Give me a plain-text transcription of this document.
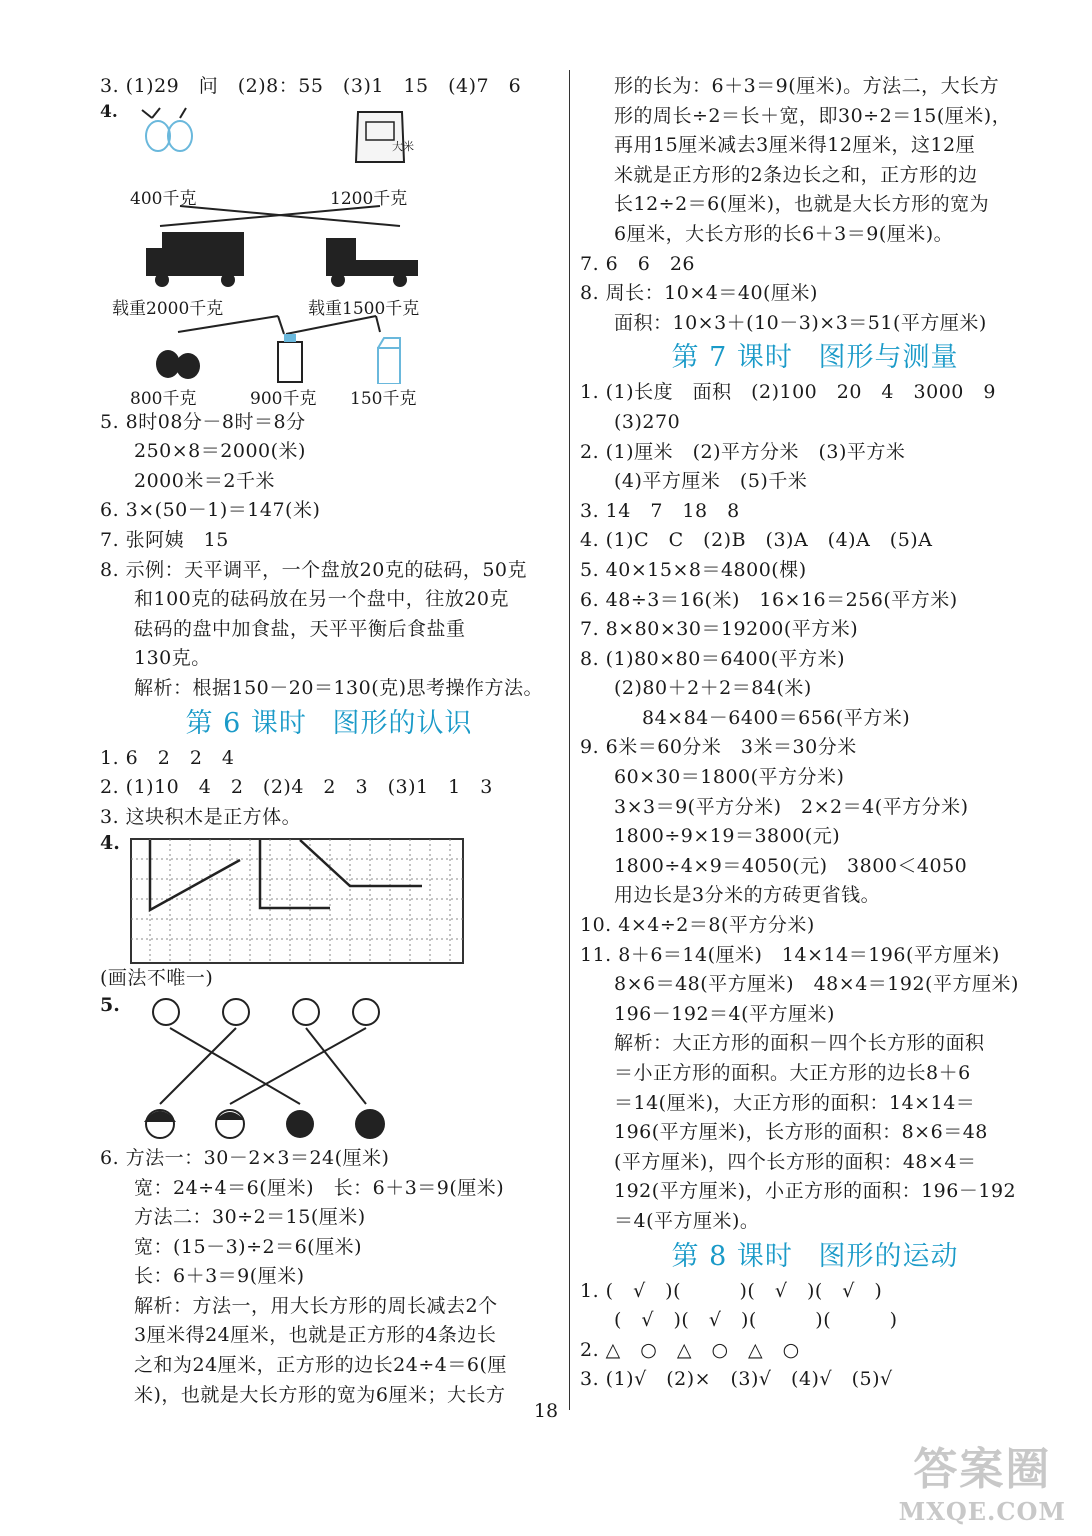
3. (1)29　问　(2)8：55　(3)1　15　(4)7　6
4.
大米
400千克	1200千克
载重2000千克	载重1500千克
800千克	900千克 150千克
5. 8时08分－8时＝8分
250×8＝2000(米)
2000米＝2千米
6. 3×(50－1)＝147(米)
7. 张阿姨　15
8. 示例：天平调平，一个盘放20克的砝码，50克
和100克的砝码放在另一个盘中，往放20克
砝码的盘中加食盐，天平平衡后食盐重
130克。
解析：根据150－20＝130(克)思考操作方法。
第 6 课时 图形的认识
1. 6　2　2　4
2. (1)10　4　2　(2)4　2　3　(3)1　1　3
3. 这块积木是正方体。
4.
(画法不唯一)
5.
6. 方法一：30－2×3＝24(厘米)
宽：24÷4＝6(厘米)　长：6＋3＝9(厘米)
方法二：30÷2＝15(厘米)
宽：(15－3)÷2＝6(厘米)
长：6＋3＝9(厘米)
解析：方法一，用大长方形的周长减去2个
3厘米得24厘米，也就是正方形的4条边长
之和为24厘米，正方形的边长24÷4＝6(厘
米)，也就是大长方形的宽为6厘米；大长方
形的长为：6＋3＝9(厘米)。方法二，大长方
形的周长÷2＝长＋宽，即30÷2＝15(厘米)，
再用15厘米减去3厘米得12厘米，这12厘
米就是正方形的2条边长之和，正方形的边
长12÷2＝6(厘米)，也就是大长方形的宽为
6厘米，大长方形的长6＋3＝9(厘米)。
7. 6　6　26
8. 周长：10×4＝40(厘米)
面积：10×3＋(10－3)×3＝51(平方厘米)
第 7 课时 图形与测量
1. (1)长度　面积　(2)100　20　4　3000　9
(3)270
2. (1)厘米　(2)平方分米　(3)平方米
(4)平方厘米　(5)千米
3. 14　7　18　8
4. (1)C　C　(2)B　(3)A　(4)A　(5)A
5. 40×15×8＝4800(棵)
6. 48÷3＝16(米)　16×16＝256(平方米)
7. 8×80×30＝19200(平方米)
8. (1)80×80＝6400(平方米)
(2)80＋2＋2＝84(米)
84×84－6400＝656(平方米)
9. 6米＝60分米　3米＝30分米
60×30＝1800(平方分米)
3×3＝9(平方分米)　2×2＝4(平方分米)
1800÷9×19＝3800(元)
1800÷4×9＝4050(元)　3800＜4050
用边长是3分米的方砖更省钱。
10. 4×4÷2＝8(平方分米)
11. 8＋6＝14(厘米)　14×14＝196(平方厘米)
8×6＝48(平方厘米)　48×4＝192(平方厘米)
196－192＝4(平方厘米)
解析：大正方形的面积－四个长方形的面积
＝小正方形的面积。大正方形的边长8＋6
＝14(厘米)，大正方形的面积：14×14＝
196(平方厘米)，长方形的面积：8×6＝48
(平方厘米)，四个长方形的面积：48×4＝
192(平方厘米)，小正方形的面积：196－192
＝4(平方厘米)。
第 8 课时 图形的运动
1. (　√　)(　　　)(　√　)(　√　)
(　√　)(　√　)(　　　)(　　　)
2. △　○　△　○　△　○
3. (1)√　(2)×　(3)√　(4)√　(5)√
18
答案圈
MXQE.COM
